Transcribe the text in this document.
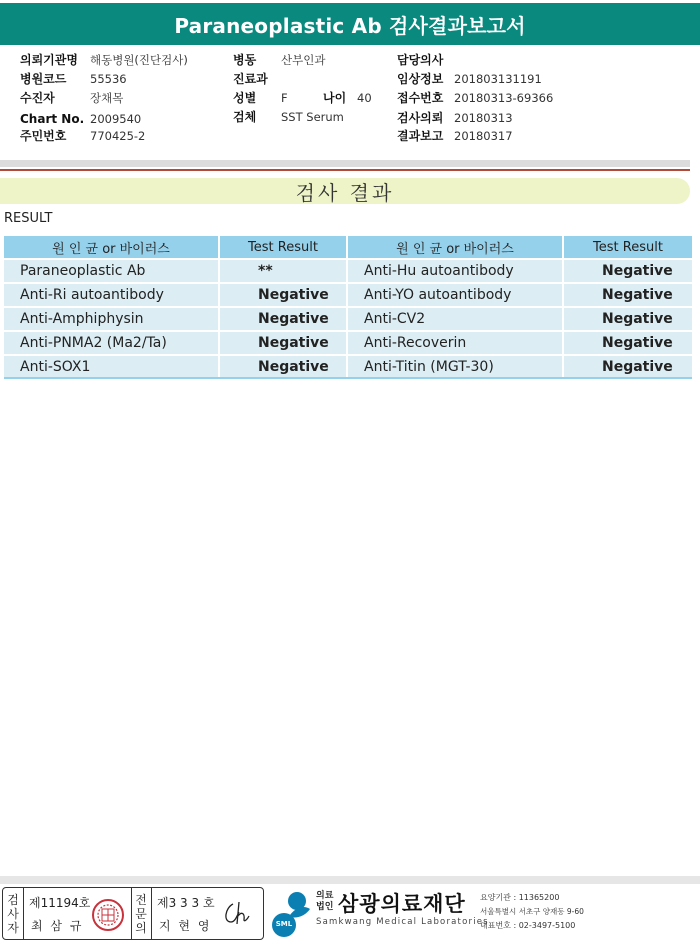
Paraneoplastic Ab 검사결과보고서
의뢰기관명 해동병원(진단검사)
병원코드 55536
수진자	장채목
Chart No. 2009540
주민번호 770425-2
병동 산부인과
진료과
성별 F	나이 40
검체 SST Serum
담당의사
임상정보 201803131191
접수번호 20180313-69366
검사의뢰 20180313
결과보고 20180317
검사 결과
RESULT
원 인 균 or 바이러스	Test Result	원 인 균 or 바이러스	Test Result
Paraneoplastic Ab	**	Anti-Hu autoantibody	Negative
Anti-Ri autoantibody	Negative	Anti-YO autoantibody	Negative
Anti-Amphiphysin	Negative	Anti-CV2	Negative
Anti-PNMA2 (Ma2/Ta)	Negative	Anti-Recoverin	Negative
Anti-SOX1	Negative	Anti-Titin (MGT-30)	Negative
검사자
제11194호
최 삼 규
전문의
제3 3 3 호
지 현 영	SML
의료
법인 삼광의료재단
Samkwang Medical Laboratories
요양기관 : 11365200
서울특별시 서초구 양재동 9-60
대표번호 : 02-3497-5100
